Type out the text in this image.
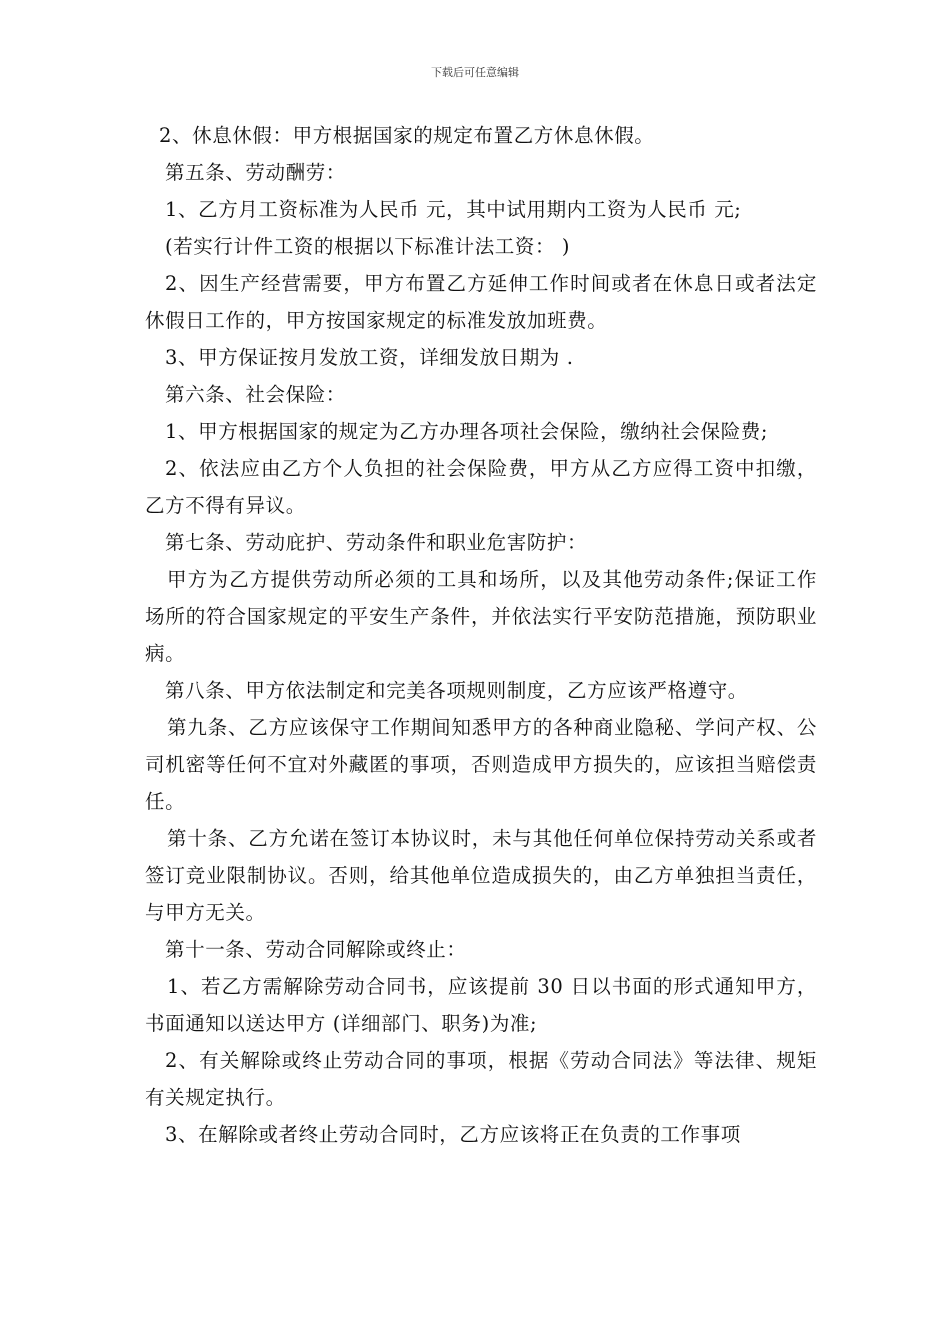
下载后可任意编辑

2、休息休假：甲方根据国家的规定布置乙方休息休假。

第五条、劳动酬劳：

1、乙方月工资标准为人民币 元，其中试用期内工资为人民币 元;

(若实行计件工资的根据以下标准计法工资： )

2、因生产经营需要，甲方布置乙方延伸工作时间或者在休息日或者法定休假日工作的，甲方按国家规定的标准发放加班费。

3、甲方保证按月发放工资，详细发放日期为 .

第六条、社会保险：

1、甲方根据国家的规定为乙方办理各项社会保险，缴纳社会保险费;

2、依法应由乙方个人负担的社会保险费，甲方从乙方应得工资中扣缴，乙方不得有异议。

第七条、劳动庇护、劳动条件和职业危害防护：

甲方为乙方提供劳动所必须的工具和场所，以及其他劳动条件;保证工作场所的符合国家规定的平安生产条件，并依法实行平安防范措施，预防职业病。

第八条、甲方依法制定和完美各项规则制度，乙方应该严格遵守。

第九条、乙方应该保守工作期间知悉甲方的各种商业隐秘、学问产权、公司机密等任何不宜对外藏匿的事项，否则造成甲方损失的，应该担当赔偿责任。

第十条、乙方允诺在签订本协议时，未与其他任何单位保持劳动关系或者签订竞业限制协议。否则，给其他单位造成损失的，由乙方单独担当责任，与甲方无关。

第十一条、劳动合同解除或终止：

1、若乙方需解除劳动合同书，应该提前 30 日以书面的形式通知甲方，书面通知以送达甲方 (详细部门、职务)为准;

2、有关解除或终止劳动合同的事项，根据《劳动合同法》等法律、规矩有关规定执行。

3、在解除或者终止劳动合同时，乙方应该将正在负责的工作事项
